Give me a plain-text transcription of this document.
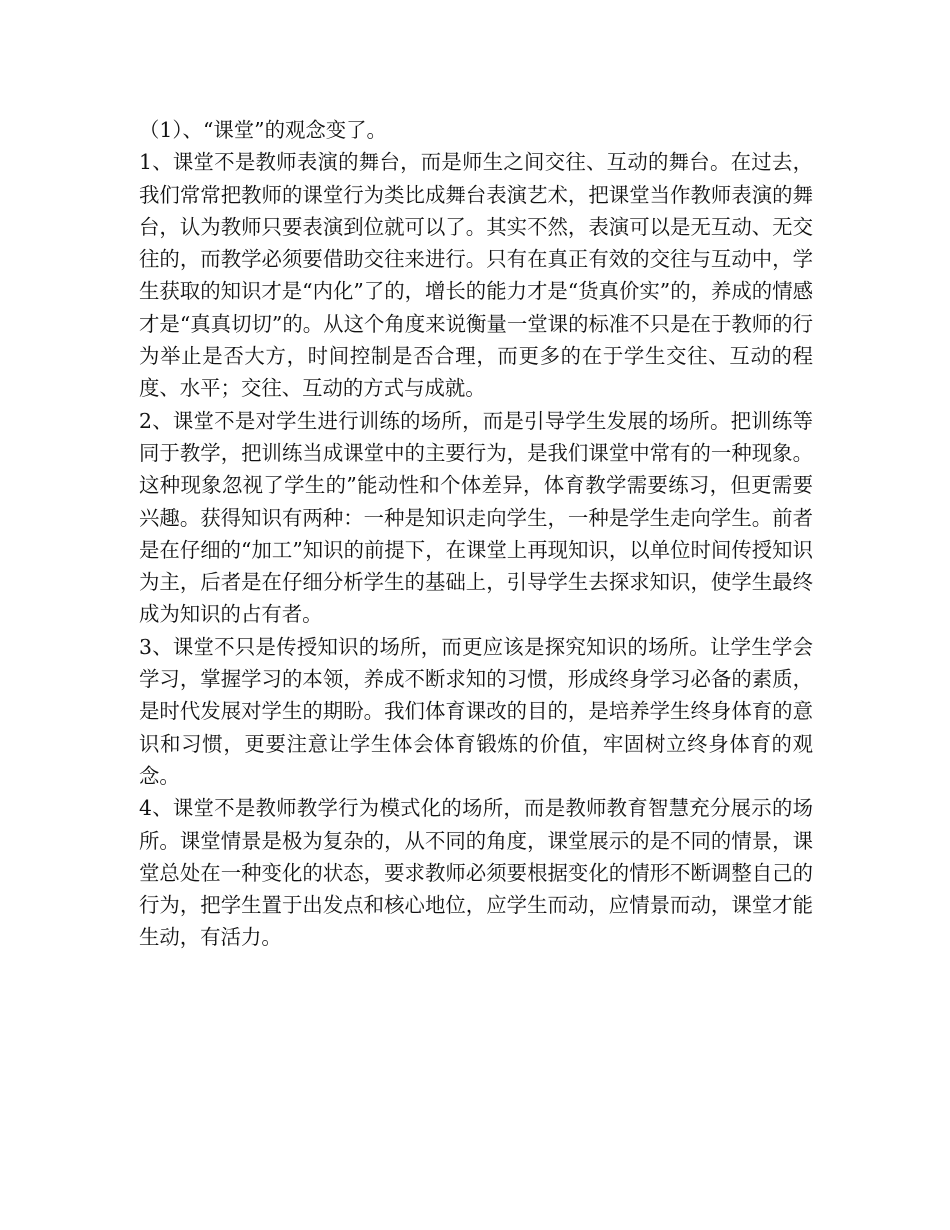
（1）、“课堂”的观念变了。

1、课堂不是教师表演的舞台，而是师生之间交往、互动的舞台。在过去，我们常常把教师的课堂行为类比成舞台表演艺术，把课堂当作教师表演的舞台，认为教师只要表演到位就可以了。其实不然，表演可以是无互动、无交往的，而教学必须要借助交往来进行。只有在真正有效的交往与互动中，学生获取的知识才是“内化”了的，增长的能力才是“货真价实”的，养成的情感才是“真真切切”的。从这个角度来说衡量一堂课的标准不只是在于教师的行为举止是否大方，时间控制是否合理，而更多的在于学生交往、互动的程度、水平；交往、互动的方式与成就。

2、课堂不是对学生进行训练的场所，而是引导学生发展的场所。把训练等同于教学，把训练当成课堂中的主要行为，是我们课堂中常有的一种现象。这种现象忽视了学生的”能动性和个体差异，体育教学需要练习，但更需要兴趣。获得知识有两种：一种是知识走向学生，一种是学生走向学生。前者是在仔细的“加工”知识的前提下，在课堂上再现知识，以单位时间传授知识为主，后者是在仔细分析学生的基础上，引导学生去探求知识，使学生最终成为知识的占有者。

3、课堂不只是传授知识的场所，而更应该是探究知识的场所。让学生学会学习，掌握学习的本领，养成不断求知的习惯，形成终身学习必备的素质，是时代发展对学生的期盼。我们体育课改的目的，是培养学生终身体育的意识和习惯，更要注意让学生体会体育锻炼的价值，牢固树立终身体育的观念。

4、课堂不是教师教学行为模式化的场所，而是教师教育智慧充分展示的场所。课堂情景是极为复杂的，从不同的角度，课堂展示的是不同的情景，课堂总处在一种变化的状态，要求教师必须要根据变化的情形不断调整自己的行为，把学生置于出发点和核心地位，应学生而动，应情景而动，课堂才能生动，有活力。
